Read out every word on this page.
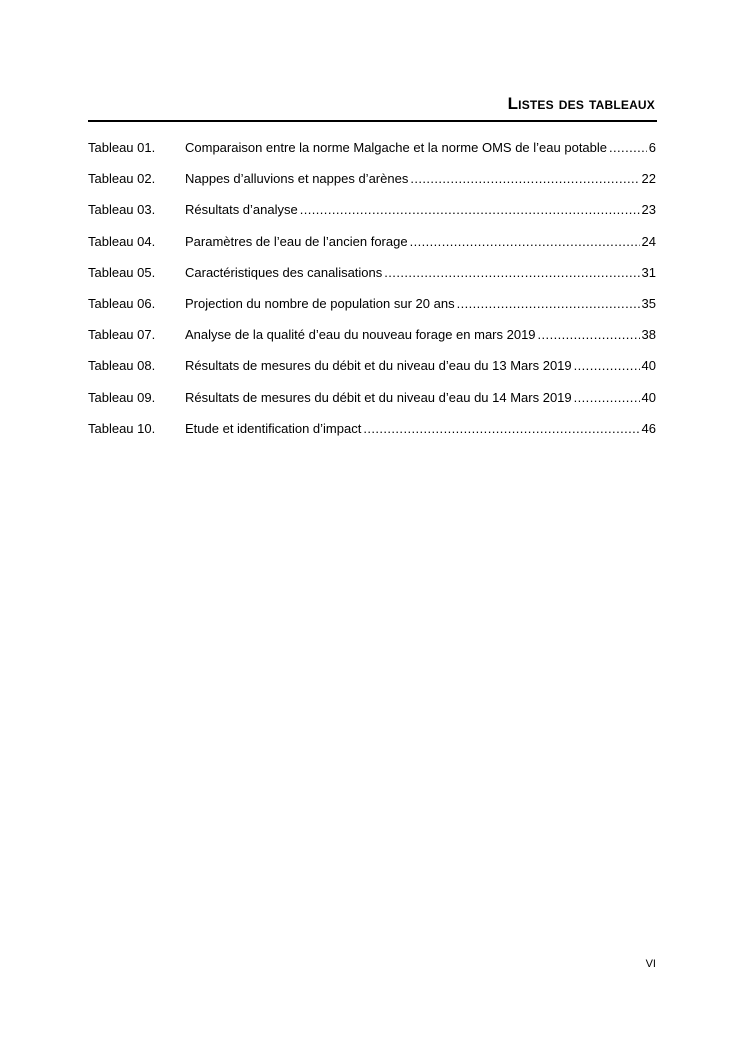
Listes des tableaux
Tableau 01.	Comparaison entre la norme Malgache et la norme OMS de l’eau potable .....	6
Tableau 02.	Nappes d’alluvions et nappes d’arènes .....	22
Tableau 03.	Résultats d’analyse .....	23
Tableau 04.	Paramètres de l’eau de l’ancien forage .....	24
Tableau 05.	Caractéristiques des canalisations .....	31
Tableau 06.	Projection du nombre de population sur 20 ans .....	35
Tableau 07.	Analyse de la qualité d’eau du nouveau forage en mars 2019 .....	38
Tableau 08.	Résultats de mesures du débit et du niveau d’eau du 13 Mars 2019 .....	40
Tableau 09.	Résultats de mesures du débit et du niveau d’eau du 14 Mars 2019 .....	40
Tableau 10.	Etude et identification d’impact .....	46
VI
